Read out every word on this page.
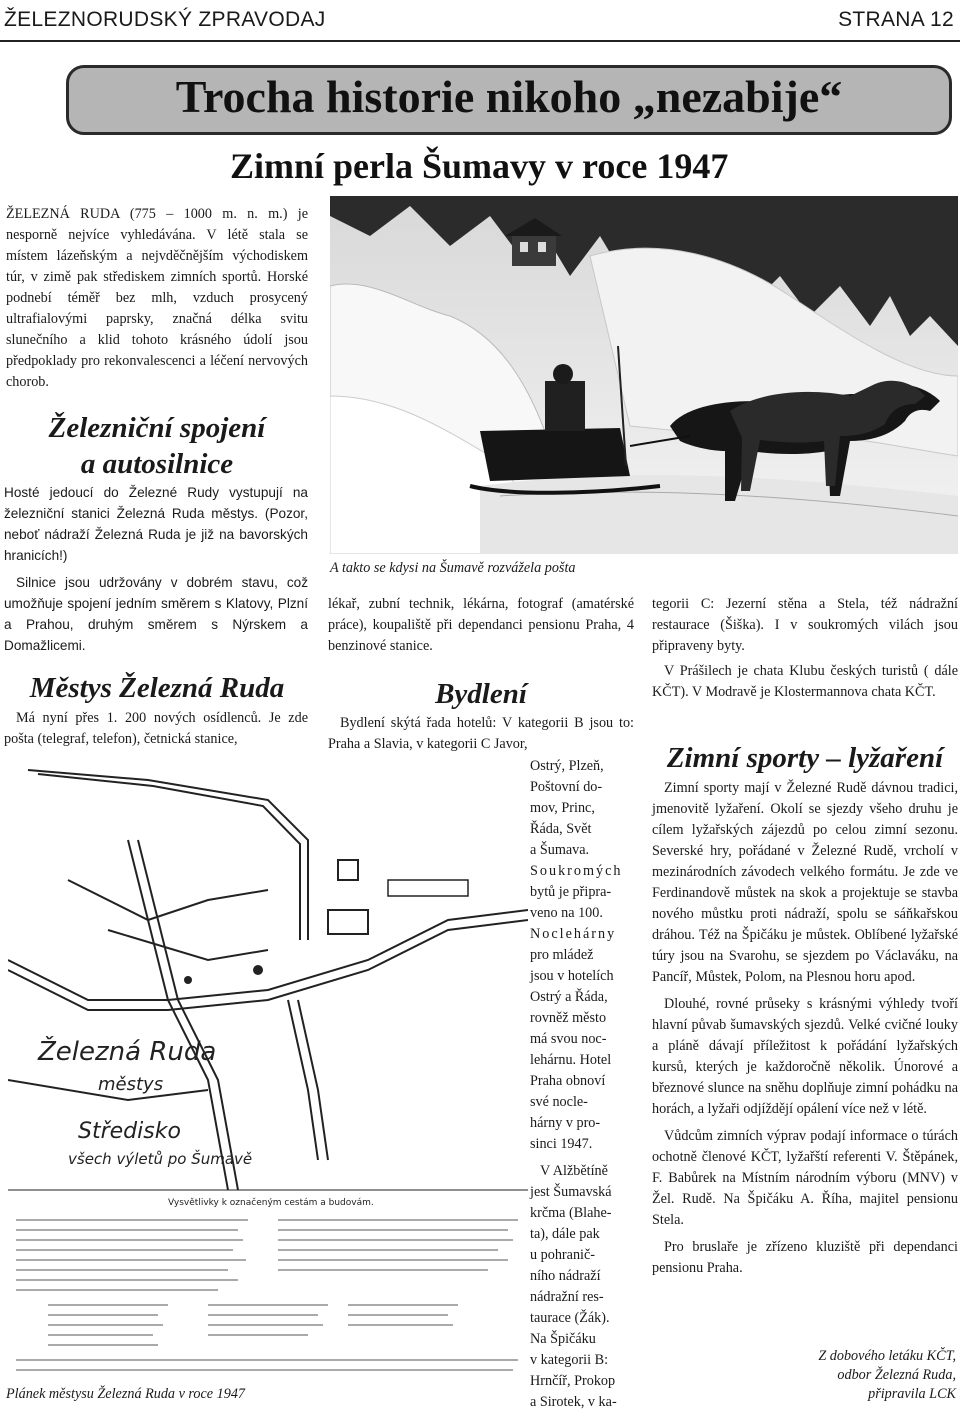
ŽELEZNORUDSKÝ ZPRAVODAJ	STRANA 12
Trocha historie nikoho „nezabije“
Zimní perla Šumavy v roce 1947

ŽELEZNÁ RUDA (775 – 1000 m. n. m.) je nesporně nejvíce vyhledávána. V létě stala se místem lázeňským a nejvděčnějším východiskem túr, v zimě pak střediskem zimních sportů. Horské podnebí téměř bez mlh, vzduch prosycený ultrafialovými paprsky, značná délka svitu slunečního a klid tohoto krásného údolí jsou předpoklady pro rekonvalescenci a léčení nervových chorob.

Železniční spojení
a autosilnice

Hosté jedoucí do Železné Rudy vystupují na železniční stanici Železná Ruda městys. (Pozor, neboť nádraží Železná Ruda je již na bavorských hranicích!)

Silnice jsou udržovány v dobrém stavu, což umožňuje spojení jedním směrem s Klatovy, Plzní a Prahou, druhým směrem s Nýrskem a Domažlicemi.

Městys Železná Ruda

Má nyní přes 1. 200 nových osídlenců. Je zde pošta (telegraf, telefon), četnická stanice,

A takto se kdysi na Šumavě rozvážela pošta

lékař, zubní technik, lékárna, fotograf (amatérské práce), koupaliště při dependanci pensionu Praha, 4 benzinové stanice.

Bydlení

Bydlení skýtá řada hotelů: V kategorii B jsou to: Praha a Slavia, v kategorii C Javor,

Ostrý, Plzeň,
Poštovní do-
mov, Princ,
Řáda, Svět
a Šumava.
Soukromých
bytů je připra-
veno na 100.
Noclehárny
pro mládež
jsou v hotelích
Ostrý a Řáda,
rovněž město
má svou noc-
lehárnu. Hotel
Praha obnoví
své nocle-
hárny v pro-
sinci 1947.
V Alžbětíně
jest Šumavská
krčma (Blahe-
ta), dále pak
u pohranič-
ního nádraží
nádražní res-
taurace (Žák).
Na Špičáku
v kategorii B:
Hrnčíř, Prokop
a Sirotek, v ka-
Železná Ruda
městys
Středisko
všech výletů po Šumavě
Vysvětlivky k označeným cestám a budovám.
Plánek městysu Železná Ruda v roce 1947

tegorii C: Jezerní stěna a Stela, též nádražní restaurace (Šiška). I v soukromých vilách jsou připraveny byty.

V Prášilech je chata Klubu českých turistů ( dále KČT). V Modravě je Klostermannova chata KČT.

Zimní sporty – lyžaření

Zimní sporty mají v Železné Rudě dávnou tradici, jmenovitě lyžaření. Okolí se sjezdy všeho druhu je cílem lyžařských zájezdů po celou zimní sezonu. Severské hry, pořádané v Železné Rudě, vrcholí v mezinárodních závodech velkého formátu. Je zde ve Ferdinandově můstek na skok a projektuje se stavba nového můstku proti nádraží, spolu se sáňkařskou dráhou. Též na Špičáku je můstek. Oblíbené lyžařské túry jsou na Svarohu, se sjezdem po Václaváku, na Pancíř, Můstek, Polom, na Plesnou horu apod.

Dlouhé, rovné průseky s krásnými výhledy tvoří hlavní půvab šumavských sjezdů. Velké cvičné louky a pláně dávají příležitost k pořádání lyžařských kursů, kterých je každoročně několik. Únorové a březnové slunce na sněhu doplňuje zimní pohádku na horách, a lyžaři odjíždějí opálení více než v létě.

Vůdcům zimních výprav podají informace o túrách ochotně členové KČT, lyžařští referenti V. Štěpánek, F. Babůrek na Místním národním výboru (MNV) v Žel. Rudě. Na Špičáku A. Říha, majitel pensionu Stela.

Pro bruslaře je zřízeno kluziště při dependanci pensionu Praha.

Z dobového letáku KČT,
odbor Železná Ruda,
připravila LCK
